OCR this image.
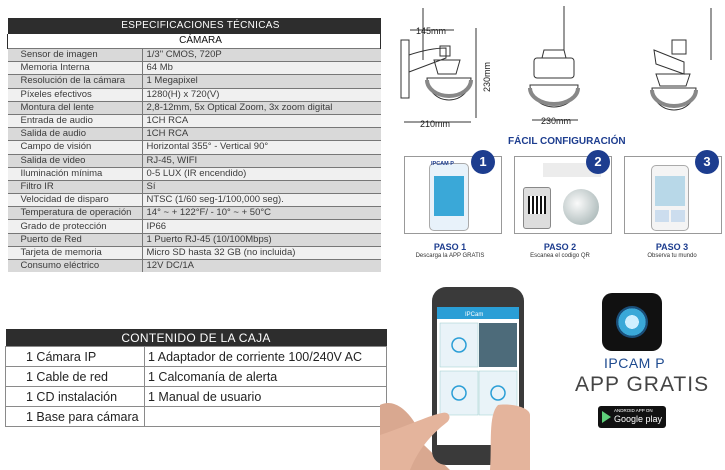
ESPECIFICACIONES TÉCNICAS	
CÁMARA	
Sensor de imagen	1/3" CMOS, 720P
Memoria Interna	64 Mb
Resolución de la cámara	1 Megapixel
Píxeles efectivos	1280(H) x 720(V)
Montura del lente	2,8-12mm, 5x Optical Zoom, 3x zoom digital
Entrada de audio	1CH RCA
Salida de audio	1CH RCA
Campo de visión	Horizontal 355° - Vertical 90°
Salida de video	RJ-45, WIFI
Iluminación mínima	0-5 LUX (IR encendido)
Filtro IR	Sí
Velocidad de disparo	NTSC (1/60 seg-1/100,000 seg).
Temperatura de operación	14° ~ + 122°F/ - 10° ~ + 50°C
Grado de protección	IP66
Puerto de Red	1 Puerto RJ-45 (10/100Mbps)
Tarjeta de memoria	Micro SD hasta 32 GB (no incluida)
Consumo eléctrico	12V DC/1A
CONTENIDO DE LA CAJA	
1 Cámara IP	1 Adaptador de corriente 100/240V AC
1 Cable de red	1 Calcomanía de alerta
1 CD instalación	1 Manual de usuario
1 Base para cámara	
145mm
210mm	230mm
230mm
FÁCIL CONFIGURACIÓN
IPCAM P	1
PASO 1
Descarga la APP GRATIS
2
PASO 2
Escanea el codigo QR
3
PASO 3
Observa tu mundo
IPCam
IPCAM P
APP GRATIS
ANDROID APP ON
Google play
